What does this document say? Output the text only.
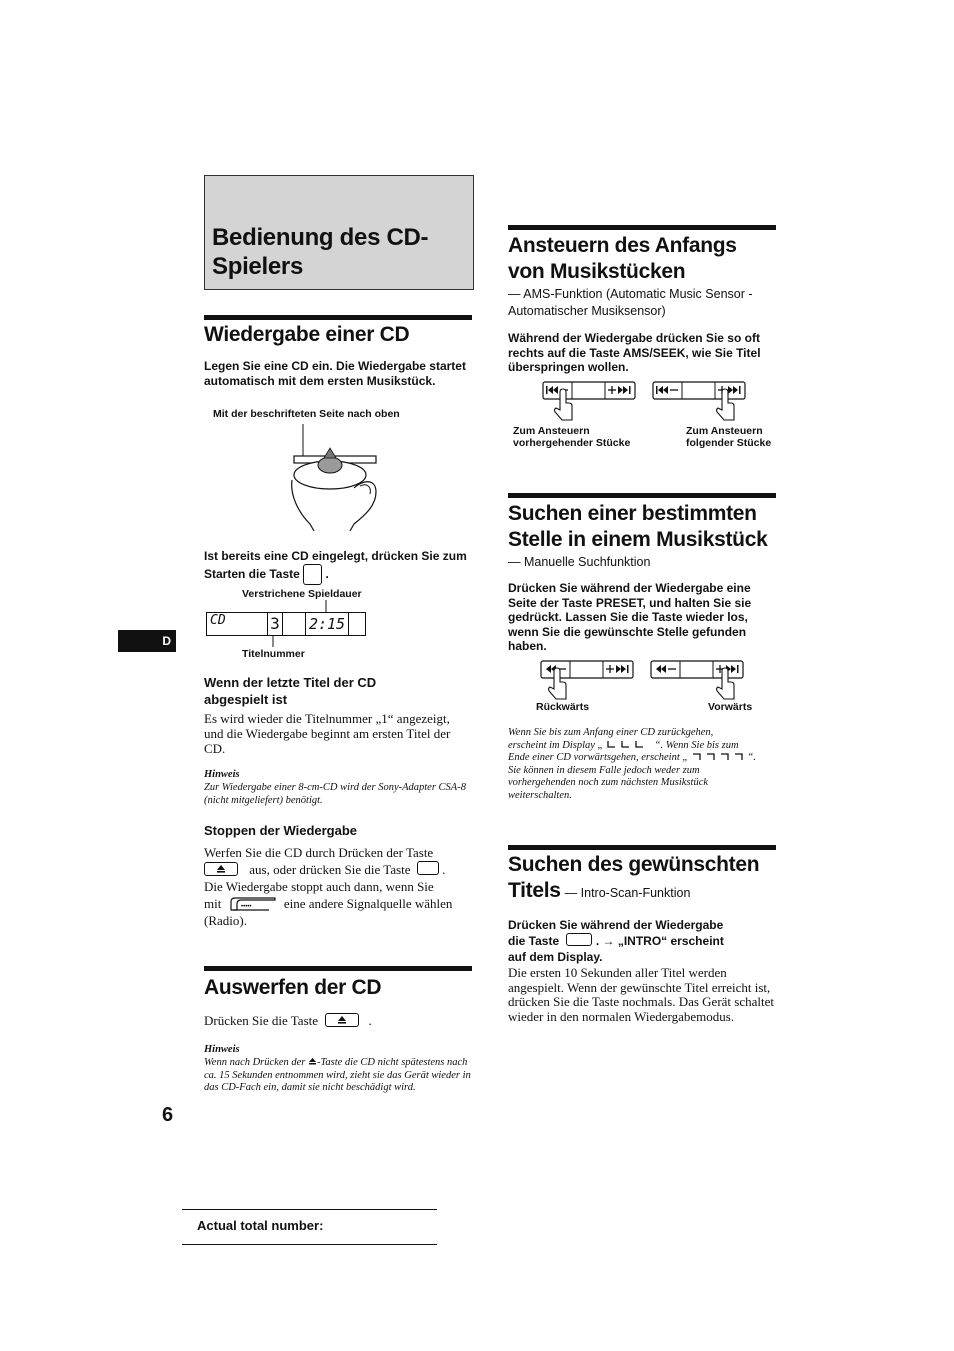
Bedienung des CD-Spielers
Wiedergabe einer CD
Legen Sie eine CD ein. Die Wiedergabe startet automatisch mit dem ersten Musikstück.
Mit der beschrifteten Seite nach oben
Ist bereits eine CD eingelegt, drücken Sie zum Starten die Taste .
Verstrichene Spieldauer
CD	3 2:15
Titelnummer
Wenn der letzte Titel der CD abgespielt ist
Es wird wieder die Titelnummer „1“ angezeigt, und die Wiedergabe beginnt am ersten Titel der CD.
Hinweis
Zur Wiedergabe einer 8-cm-CD wird der Sony-Adapter CSA-8 (nicht mitgeliefert) benötigt.
Stoppen der Wiedergabe
Werfen Sie die CD durch Drücken der Taste
aus, oder drücken Sie die Taste .
Die Wiedergabe stoppt auch dann, wenn Sie
mit	•••••	eine andere Signalquelle wählen
(Radio).
Auswerfen der CD
Drücken Sie die Taste	.
Hinweis
Wenn nach Drücken der -Taste die CD nicht spätestens nach ca. 15 Sekunden entnommen wird, zieht sie das Gerät wieder in das CD-Fach ein, damit sie nicht beschädigt wird.
D
6
Actual total number:
Ansteuern des Anfangs von Musikstücken
— AMS-Funktion (Automatic Music Sensor - Automatischer Musiksensor)
Während der Wiedergabe drücken Sie so oft rechts auf die Taste AMS/SEEK, wie Sie Titel überspringen wollen.
Zum Ansteuern vorhergehender Stücke
Zum Ansteuern folgender Stücke
Suchen einer bestimmten Stelle in einem Musikstück
— Manuelle Suchfunktion
Drücken Sie während der Wiedergabe eine Seite der Taste PRESET, und halten Sie sie gedrückt. Lassen Sie die Taste wieder los, wenn Sie die gewünschte Stelle gefunden haben.
Rückwärts	Vorwärts
Wenn Sie bis zum Anfang einer CD zurückgehen,
erscheint im Display „	“. Wenn Sie bis zum
Ende einer CD vorwärtsgehen, erscheint „	“.
Sie können in diesem Falle jedoch weder zum vorhergehenden noch zum nächsten Musikstück weiterschalten.
Suchen des gewünschten
Titels — Intro-Scan-Funktion
Drücken Sie während der Wiedergabe
die Taste	. → „INTRO“ erscheint
auf dem Display.
Die ersten 10 Sekunden aller Titel werden angespielt. Wenn der gewünschte Titel erreicht ist, drücken Sie die Taste nochmals. Das Gerät schaltet wieder in den normalen Wiedergabemodus.
